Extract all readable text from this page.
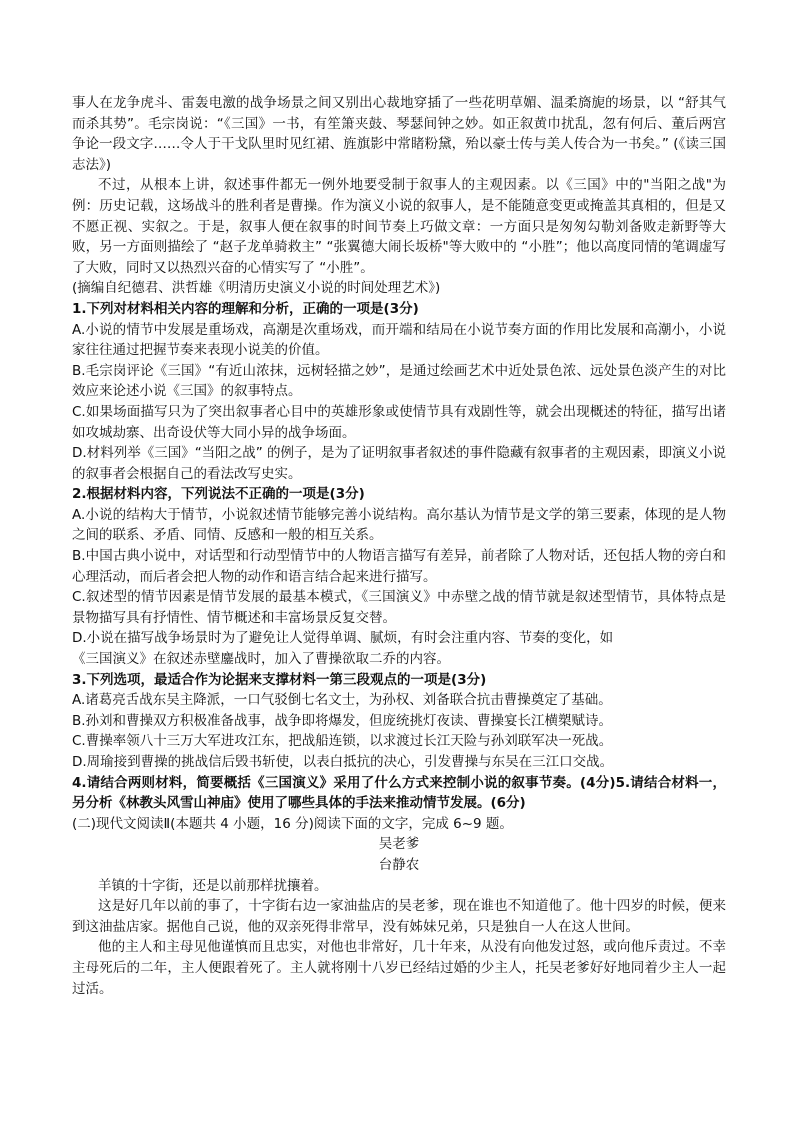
事人在龙争虎斗、雷轰电激的战争场景之间又别出心裁地穿插了一些花明草媚、温柔旖旎的场景，以 “舒其气而杀其势”。毛宗岗说：“《三国》一书，有笙箫夹鼓、琴瑟间钟之妙。如正叙黄巾扰乱，忽有何后、董后两宫争论一段文字……令人于干戈队里时见红裙、旌旗影中常睹粉黛，殆以豪士传与美人传合为一书矣。” (《读三国志法》)

不过，从根本上讲，叙述事件都无一例外地要受制于叙事人的主观因素。以《三国》中的"当阳之战"为例：历史记载，这场战斗的胜利者是曹操。作为演义小说的叙事人，是不能随意变更或掩盖其真相的，但是又不愿正视、实叙之。于是，叙事人便在叙事的时间节奏上巧做文章：一方面只是匆匆勾勒刘备败走新野等大败，另一方面则描绘了 “赵子龙单骑救主” “张翼德大闹长坂桥"等大败中的 “小胜”；他以高度同情的笔调虚写了大败，同时又以热烈兴奋的心情实写了 “小胜”。

(摘编自纪德君、洪哲雄《明清历史演义小说的时间处理艺术》)

1.下列对材料相关内容的理解和分析，正确的一项是(3分)

A.小说的情节中发展是重场戏，高潮是次重场戏，而开端和结局在小说节奏方面的作用比发展和高潮小，小说家往往通过把握节奏来表现小说美的价值。

B.毛宗岗评论《三国》“有近山浓抹，远树轻描之妙”，是通过绘画艺术中近处景色浓、远处景色淡产生的对比效应来论述小说《三国》的叙事特点。

C.如果场面描写只为了突出叙事者心目中的英雄形象或使情节具有戏剧性等，就会出现概述的特征，描写出诸如攻城劫寨、出奇设伏等大同小异的战争场面。

D.材料列举《三国》“当阳之战” 的例子，是为了证明叙事者叙述的事件隐藏有叙事者的主观因素，即演义小说的叙事者会根据自己的看法改写史实。

2.根据材料内容，下列说法不正确的一项是(3分)

A.小说的结构大于情节，小说叙述情节能够完善小说结构。高尔基认为情节是文学的第三要素，体现的是人物之间的联系、矛盾、同情、反感和一般的相互关系。

B.中国古典小说中，对话型和行动型情节中的人物语言描写有差异，前者除了人物对话，还包括人物的旁白和心理活动，而后者会把人物的动作和语言结合起来进行描写。

C.叙述型的情节因素是情节发展的最基本模式，《三国演义》中赤壁之战的情节就是叙述型情节，具体特点是景物描写具有抒情性、情节概述和丰富场景反复交替。

D.小说在描写战争场景时为了避免让人觉得单调、腻烦，有时会注重内容、节奏的变化，如

《三国演义》在叙述赤壁鏖战时，加入了曹操欲取二乔的内容。

3.下列选项，最适合作为论据来支撑材料一第三段观点的一项是(3分)

A.诸葛亮舌战东吴主降派，一口气驳倒七名文士，为孙权、刘备联合抗击曹操奠定了基础。

B.孙刘和曹操双方积极准备战事，战争即将爆发，但庞统挑灯夜读、曹操宴长江横槊赋诗。

C.曹操率领八十三万大军进攻江东，把战船连锁，以求渡过长江天险与孙刘联军决一死战。

D.周瑜接到曹操的挑战信后毁书斩使，以表白抵抗的决心，引发曹操与东吴在三江口交战。

4.请结合两则材料，简要概括《三国演义》采用了什么方式来控制小说的叙事节奏。(4分)5.请结合材料一，另分析《林教头风雪山神庙》使用了哪些具体的手法来推动情节发展。(6分)

(二)现代文阅读Ⅱ(本题共 4 小题，16 分)阅读下面的文字，完成 6~9 题。

吴老爹

台静农

羊镇的十字街，还是以前那样扰攘着。

这是好几年以前的事了，十字街右边一家油盐店的吴老爹，现在谁也不知道他了。他十四岁的时候，便来到这油盐店家。据他自己说，他的双亲死得非常早，没有姊妹兄弟，只是独自一人在这人世间。

他的主人和主母见他谨慎而且忠实，对他也非常好，几十年来，从没有向他发过怒，或向他斥责过。不幸主母死后的二年，主人便跟着死了。主人就将刚十八岁已经结过婚的少主人，托吴老爹好好地同着少主人一起过活。
